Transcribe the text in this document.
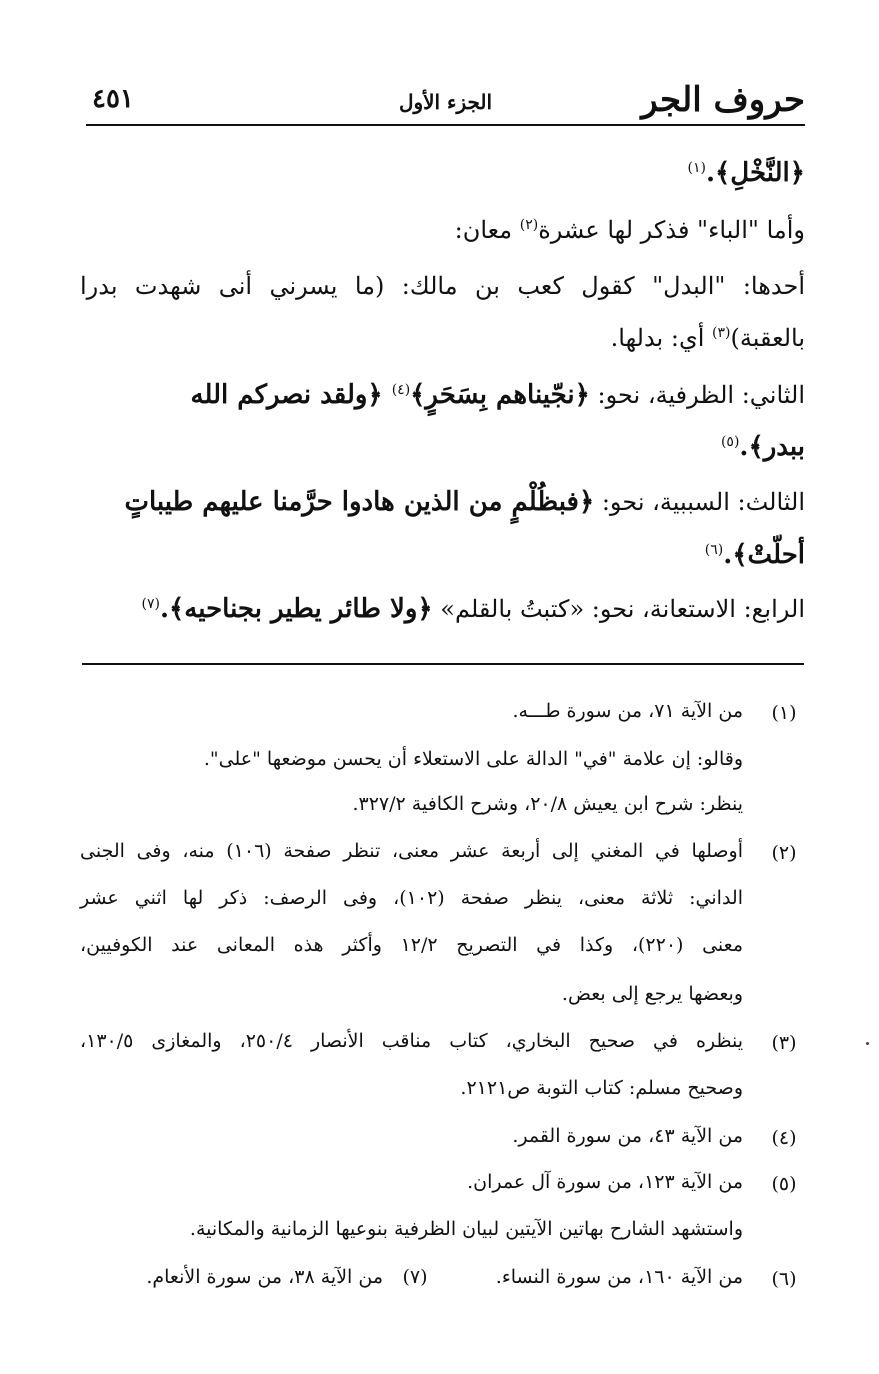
حروف الجر
الجزء الأول
٤٥١
﴿النَّخْلِ﴾.$^{(١)}$
وأما "الباء" فذكر لها عشرة$^{(٢)}$ معان:
أحدها: "البدل" كقول كعب بن مالك: (ما يسرني أنى شهدت بدرا
بالعقبة)$^{(٣)}$ أي: بدلها.
الثاني: الظرفية، نحو: ﴿نجّيناهم بِسَحَرٍ﴾$^{(٤)}$ ﴿ولقد نصركم الله
ببدر﴾.$^{(٥)}$
الثالث: السببية، نحو: ﴿فبظُلْمٍ من الذين هادوا حرَّمنا عليهم طيباتٍ
أحلّتْ﴾.$^{(٦)}$
الرابع: الاستعانة، نحو: «كتبتُ بالقلم» ﴿ولا طائر يطير بجناحيه﴾.$^{(٧)}$
(١)
من الآية ٧١، من سورة طـــه.
وقالو: إن علامة "في" الدالة على الاستعلاء أن يحسن موضعها "على".
ينظر: شرح ابن يعيش ٢٠/٨، وشرح الكافية ٣٢٧/٢.
(٢)
أوصلها في المغني إلى أربعة عشر معنى، تنظر صفحة (١٠٦) منه، وفى الجنى
الداني: ثلاثة معنى، ينظر صفحة (١٠٢)، وفى الرصف: ذكر لها اثني عشر
معنى (٢٢٠)، وكذا في التصريح ١٢/٢ وأكثر هذه المعانى عند الكوفيين،
وبعضها يرجع إلى بعض.
(٣)
ينظره في صحيح البخاري، كتاب مناقب الأنصار ٢٥٠/٤، والمغازى ١٣٠/٥،
وصحيح مسلم: كتاب التوبة ص٢١٢١.
(٤)
من الآية ٤٣، من سورة القمر.
(٥)
من الآية ١٢٣، من سورة آل عمران.
واستشهد الشارح بهاتين الآيتين لبيان الظرفية بنوعيها الزمانية والمكانية.
(٦)
من الآية ١٦٠، من سورة النساء.
(٧)
من الآية ٣٨، من سورة الأنعام.
